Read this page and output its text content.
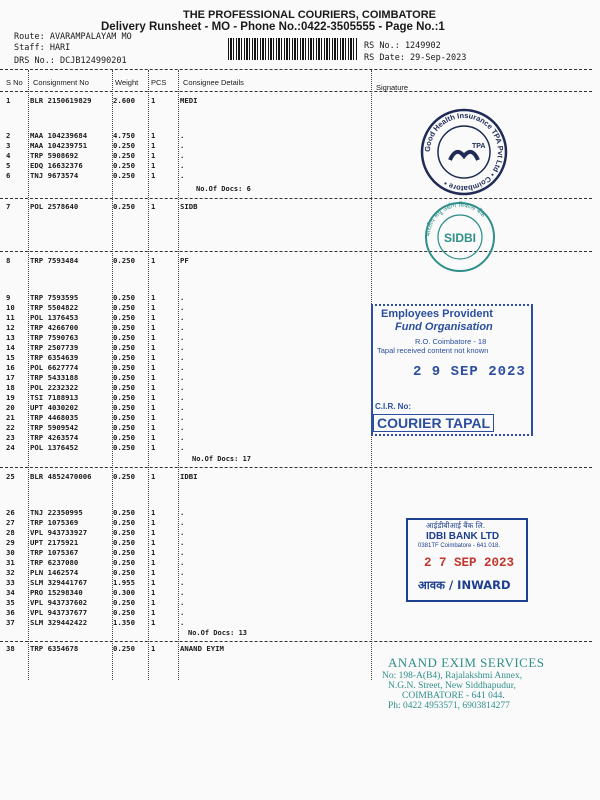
THE PROFESSIONAL COURIERS, COIMBATORE
Delivery Runsheet - MO - Phone No.:0422-3505555 - Page No.:1
Route: AVARAMPALAYAM MO
Staff: HARI
DRS No.: DCJB124990201
RS No.: 1249902
RS Date: 29-Sep-2023
S No Consignment No	Weight PCS Consignee Details
Signature
1	BLR 2150619829	2.600 1	MEDI
2	MAA 104239684	4.750 1	.
3	MAA 104239751	0.250 1	.
4	TRP 5908692	0.250 1	.
5	EDQ 16632376	0.250 1	.
6	TNJ 9673574	0.250 1	.
7	POL 2578640	0.250 1	SIDB
8	TRP 7593484	0.250 1	PF
9	TRP 7593595	0.250 1	.
10 TRP 5504822	0.250 1	.
11 POL 1376453	0.250 1	.
12 TRP 4266700	0.250 1	.
13 TRP 7590763	0.250 1	.
14 TRP 2507739	0.250 1	.
15 TRP 6354639	0.250 1	.
16 POL 6627774	0.250 1	.
17 TRP 5433188	0.250 1	.
18 POL 2232322	0.250 1	.
19 TSI 7188913	0.250 1	.
20 UPT 4030202	0.250 1	.
21 TRP 4468035	0.250 1	.
22 TRP 5909542	0.250 1	.
23 TRP 4263574	0.250 1	.
24 POL 1376452	0.250 1	.
25 BLR 4852470006	0.250 1	IDBI
26 TNJ 22350995	0.250 1	.
27 TRP 1075369	0.250 1	.
28 VPL 943733927	0.250 1	.
29 UPT 2175921	0.250 1	.
30 TRP 1075367	0.250 1	.
31 TRP 6237080	0.250 1	.
32 PLN 1462574	0.250 1	.
33 SLM 329441767	1.955 1	.
34 PRO 15298340	0.300 1	.
35 VPL 943737602	0.250 1	.
36 VPL 943737677	0.250 1	.
37 SLM 329442422	1.350 1	.
38 TRP 6354678	0.250 1	ANAND EYIM
No.Of Docs: 6
No.Of Docs: 17
No.Of Docs: 13
Good Health Insurance TPA Pvt Ltd • Coimbatore •
TPA
भारतीय लघु उद्योग विकास बैंक
SIDBI
Employees Provident
Fund Organisation
R.O. Coimbatore - 18
Tapal received content not known
2 9 SEP 2023
C.I.R. No:
COURIER TAPAL
आईडीबीआई बैंक लि.
IDBI BANK LTD
0381TF Coimbatore - 641 018.
2 7 SEP 2023
आवक / INWARD
ANAND EXIM SERVICES
No: 198-A(B4), Rajalakshmi Annex,
N.G.N. Street, New Siddhapudur,
COIMBATORE - 641 044.
Ph: 0422 4953571, 6903814277
